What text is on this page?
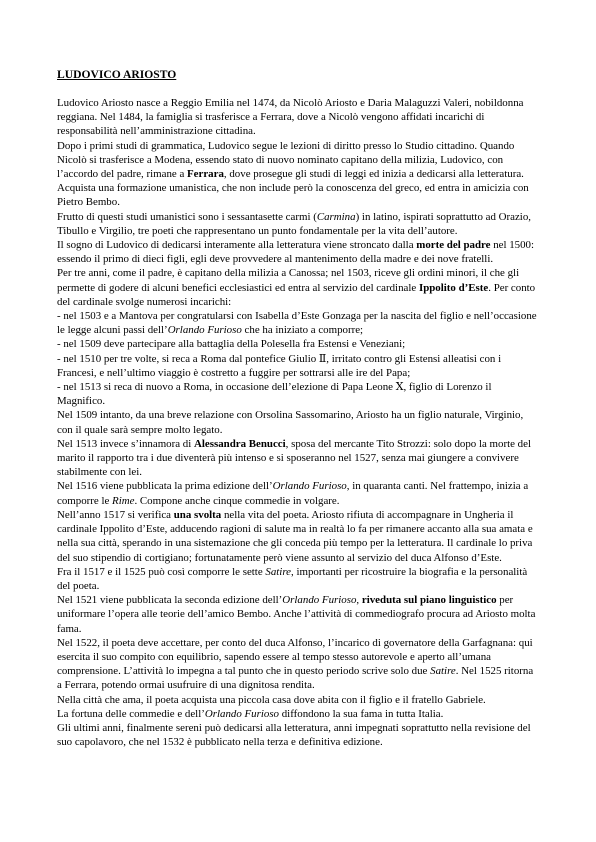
LUDOVICO ARIOSTO

Ludovico Ariosto nasce a Reggio Emilia nel 1474, da Nicolò Ariosto e Daria Malaguzzi Valeri, nobildonna reggiana. Nel 1484, la famiglia si trasferisce a Ferrara, dove a Nicolò vengono affidati incarichi di responsabilità nell’amministrazione cittadina.

Dopo i primi studi di grammatica, Ludovico segue le lezioni di diritto presso lo Studio cittadino. Quando Nicolò si trasferisce a Modena, essendo stato di nuovo nominato capitano della milizia, Ludovico, con l’accordo del padre, rimane a Ferrara, dove prosegue gli studi di leggi ed inizia a dedicarsi alla letteratura. Acquista una formazione umanistica, che non include però la conoscenza del greco, ed entra in amicizia con Pietro Bembo.

Frutto di questi studi umanistici sono i sessantasette carmi (Carmina) in latino, ispirati soprattutto ad Orazio, Tibullo e Virgilio, tre poeti che rappresentano un punto fondamentale per la vita dell’autore.

Il sogno di Ludovico di dedicarsi interamente alla letteratura viene stroncato dalla morte del padre nel 1500: essendo il primo di dieci figli, egli deve provvedere al mantenimento della madre e dei nove fratelli.

Per tre anni, come il padre, è capitano della milizia a Canossa; nel 1503, riceve gli ordini minori, il che gli permette di godere di alcuni benefici ecclesiastici ed entra al servizio del cardinale Ippolito d’Este. Per conto del cardinale svolge numerosi incarichi:

- nel 1503 e a Mantova per congratularsi con Isabella d’Este Gonzaga per la nascita del figlio e nell’occasione le legge alcuni passi dell’Orlando Furioso che ha iniziato a comporre;

- nel 1509 deve partecipare alla battaglia della Polesella fra Estensi e Veneziani;

- nel 1510 per tre volte, si reca a Roma dal pontefice Giulio Ⅱ, irritato contro gli Estensi alleatisi con i Francesi, e nell’ultimo viaggio è costretto a fuggire per sottrarsi alle ire del Papa;

- nel 1513 si reca di nuovo a Roma, in occasione dell’elezione di Papa Leone Ⅹ, figlio di Lorenzo il Magnifico.

Nel 1509 intanto, da una breve relazione con Orsolina Sassomarino, Ariosto ha un figlio naturale, Virginio, con il quale sarà sempre molto legato.

Nel 1513 invece s’innamora di Alessandra Benucci, sposa del mercante Tito Strozzi: solo dopo la morte del marito il rapporto tra i due diventerà più intenso e si sposeranno nel 1527, senza mai giungere a convivere stabilmente con lei.

Nel 1516 viene pubblicata la prima edizione dell’Orlando Furioso, in quaranta canti. Nel frattempo, inizia a comporre le Rime. Compone anche cinque commedie in volgare.

Nell’anno 1517 si verifica una svolta nella vita del poeta. Ariosto rifiuta di accompagnare in Ungheria il cardinale Ippolito d’Este, adducendo ragioni di salute ma in realtà lo fa per rimanere accanto alla sua amata e nella sua città, sperando in una sistemazione che gli conceda più tempo per la letteratura. Il cardinale lo priva del suo stipendio di cortigiano; fortunatamente però viene assunto al servizio del duca Alfonso d’Este.

Fra il 1517 e il 1525 può così comporre le sette Satire, importanti per ricostruire la biografia e la personalità del poeta.

Nel 1521 viene pubblicata la seconda edizione dell’Orlando Furioso, riveduta sul piano linguistico per uniformare l’opera alle teorie dell’amico Bembo. Anche l’attività di commediografo procura ad Ariosto molta fama.

Nel 1522, il poeta deve accettare, per conto del duca Alfonso, l’incarico di governatore della Garfagnana: qui esercita il suo compito con equilibrio, sapendo essere al tempo stesso autorevole e aperto all’umana comprensione. L’attività lo impegna a tal punto che in questo periodo scrive solo due Satire. Nel 1525 ritorna a Ferrara, potendo ormai usufruire di una dignitosa rendita.

Nella città che ama, il poeta acquista una piccola casa dove abita con il figlio e il fratello Gabriele.

La fortuna delle commedie e dell’Orlando Furioso diffondono la sua fama in tutta Italia.

Gli ultimi anni, finalmente sereni può dedicarsi alla letteratura, anni impegnati soprattutto nella revisione del suo capolavoro, che nel 1532 è pubblicato nella terza e definitiva edizione.
